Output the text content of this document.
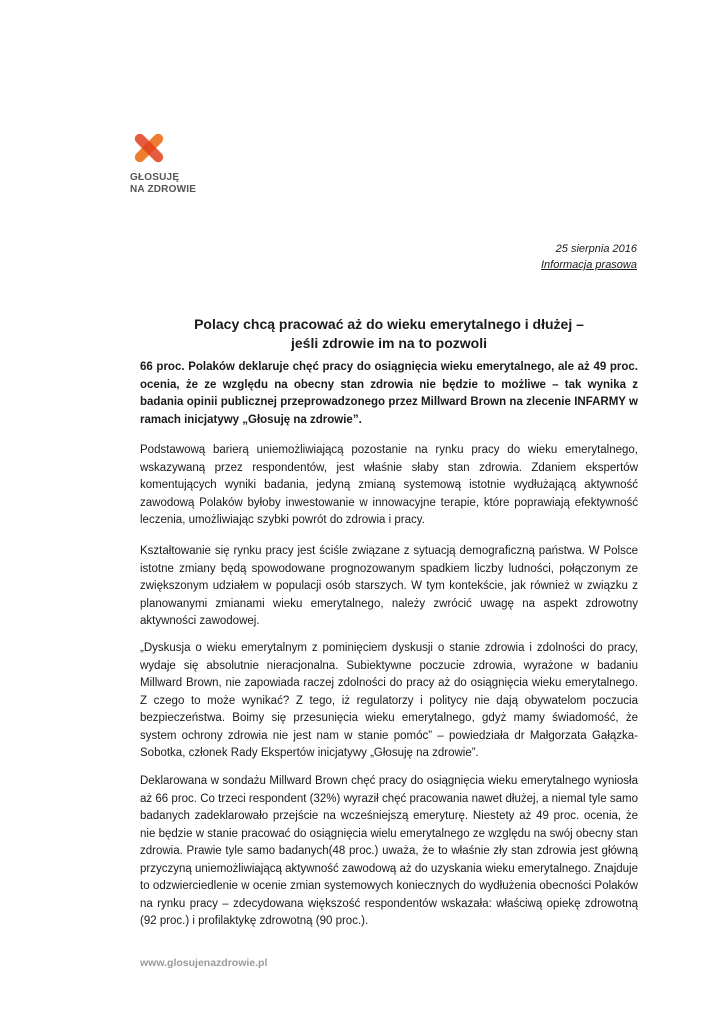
GŁOSUJĘ
NA ZDROWIE
25 sierpnia 2016
Informacja prasowa
Polacy chcą pracować aż do wieku emerytalnego i dłużej –
jeśli zdrowie im na to pozwoli
66 proc. Polaków deklaruje chęć pracy do osiągnięcia wieku emerytalnego, ale aż 49 proc. ocenia, że ze względu na obecny stan zdrowia nie będzie to możliwe – tak wynika z badania opinii publicznej przeprowadzonego przez Millward Brown na zlecenie INFARMY w ramach inicjatywy „Głosuję na zdrowie”.
Podstawową barierą uniemożliwiającą pozostanie na rynku pracy do wieku emerytalnego, wskazywaną przez respondentów, jest właśnie słaby stan zdrowia. Zdaniem ekspertów komentujących wyniki badania, jedyną zmianą systemową istotnie wydłużającą aktywność zawodową Polaków byłoby inwestowanie w innowacyjne terapie, które poprawiają efektywność leczenia, umożliwiając szybki powrót do zdrowia i pracy.
Kształtowanie się rynku pracy jest ściśle związane z sytuacją demograficzną państwa. W Polsce istotne zmiany będą spowodowane prognozowanym spadkiem liczby ludności, połączonym ze zwiększonym udziałem w populacji osób starszych. W tym kontekście, jak również w związku z planowanymi zmianami wieku emerytalnego, należy zwrócić uwagę na aspekt zdrowotny aktywności zawodowej.
„Dyskusja o wieku emerytalnym z pominięciem dyskusji o stanie zdrowia i zdolności do pracy, wydaje się absolutnie nieracjonalna. Subiektywne poczucie zdrowia, wyrażone w badaniu Millward Brown, nie zapowiada raczej zdolności do pracy aż do osiągnięcia wieku emerytalnego. Z czego to może wynikać? Z tego, iż regulatorzy i politycy nie dają obywatelom poczucia bezpieczeństwa. Boimy się przesunięcia wieku emerytalnego, gdyż mamy świadomość, że system ochrony zdrowia nie jest nam w stanie pomóc” – powiedziała dr Małgorzata Gałązka-Sobotka, członek Rady Ekspertów inicjatywy „Głosuję na zdrowie”.
Deklarowana w sondażu Millward Brown chęć pracy do osiągnięcia wieku emerytalnego wyniosła aż 66 proc. Co trzeci respondent (32%) wyraził chęć pracowania nawet dłużej, a niemal tyle samo badanych zadeklarowało przejście na wcześniejszą emeryturę. Niestety aż 49 proc. ocenia, że nie będzie w stanie pracować do osiągnięcia wielu emerytalnego ze względu na swój obecny stan zdrowia. Prawie tyle samo badanych(48 proc.) uważa, że to właśnie zły stan zdrowia jest główną przyczyną uniemożliwiającą aktywność zawodową aż do uzyskania wieku emerytalnego. Znajduje to odzwierciedlenie w ocenie zmian systemowych koniecznych do wydłużenia obecności Polaków na rynku pracy – zdecydowana większość respondentów wskazała: właściwą opiekę zdrowotną (92 proc.) i profilaktykę zdrowotną (90 proc.).
www.glosujenazdrowie.pl
